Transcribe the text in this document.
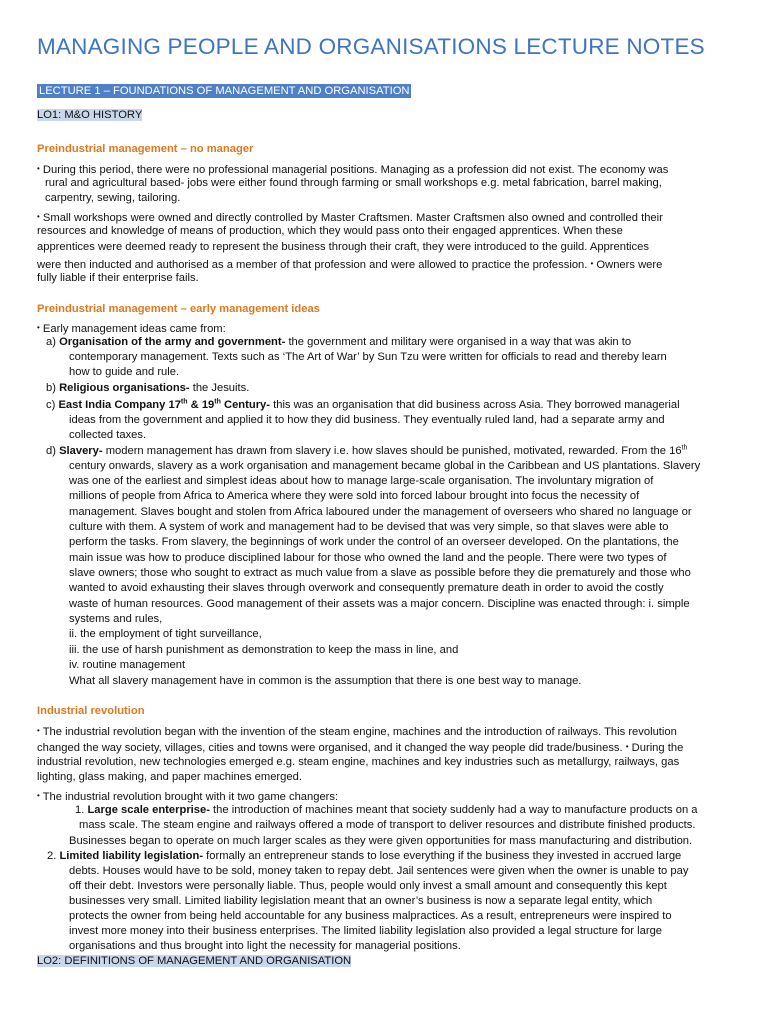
MANAGING PEOPLE AND ORGANISATIONS LECTURE NOTES
LECTURE 1 – FOUNDATIONS OF MANAGEMENT AND ORGANISATION
LO1: M&O HISTORY
Preindustrial management – no manager
• During this period, there were no professional managerial positions. Managing as a profession did not exist. The economy was
rural and agricultural based- jobs were either found through farming or small workshops e.g. metal fabrication, barrel making,
carpentry, sewing, tailoring.
• Small workshops were owned and directly controlled by Master Craftsmen. Master Craftsmen also owned and controlled their
resources and knowledge of means of production, which they would pass onto their engaged apprentices. When these
apprentices were deemed ready to represent the business through their craft, they were introduced to the guild. Apprentices
were then inducted and authorised as a member of that profession and were allowed to practice the profession. • Owners were
fully liable if their enterprise fails.
Preindustrial management – early management ideas
• Early management ideas came from:
a) Organisation of the army and government- the government and military were organised in a way that was akin to
contemporary management. Texts such as ‘The Art of War’ by Sun Tzu were written for officials to read and thereby learn
how to guide and rule.
b) Religious organisations- the Jesuits.
c) East India Company 17th & 19th Century- this was an organisation that did business across Asia. They borrowed managerial
ideas from the government and applied it to how they did business. They eventually ruled land, had a separate army and
collected taxes.
d) Slavery- modern management has drawn from slavery i.e. how slaves should be punished, motivated, rewarded. From the 16th
century onwards, slavery as a work organisation and management became global in the Caribbean and US plantations. Slavery
was one of the earliest and simplest ideas about how to manage large-scale organisation. The involuntary migration of
millions of people from Africa to America where they were sold into forced labour brought into focus the necessity of
management. Slaves bought and stolen from Africa laboured under the management of overseers who shared no language or
culture with them. A system of work and management had to be devised that was very simple, so that slaves were able to
perform the tasks. From slavery, the beginnings of work under the control of an overseer developed. On the plantations, the
main issue was how to produce disciplined labour for those who owned the land and the people. There were two types of
slave owners; those who sought to extract as much value from a slave as possible before they die prematurely and those who
wanted to avoid exhausting their slaves through overwork and consequently premature death in order to avoid the costly
waste of human resources. Good management of their assets was a major concern. Discipline was enacted through: i. simple
systems and rules,
ii. the employment of tight surveillance,
iii. the use of harsh punishment as demonstration to keep the mass in line, and
iv. routine management
What all slavery management have in common is the assumption that there is one best way to manage.
Industrial revolution
• The industrial revolution began with the invention of the steam engine, machines and the introduction of railways. This revolution
changed the way society, villages, cities and towns were organised, and it changed the way people did trade/business. • During the
industrial revolution, new technologies emerged e.g. steam engine, machines and key industries such as metallurgy, railways, gas
lighting, glass making, and paper machines emerged.
• The industrial revolution brought with it two game changers:
1. Large scale enterprise- the introduction of machines meant that society suddenly had a way to manufacture products on a
mass scale. The steam engine and railways offered a mode of transport to deliver resources and distribute finished products.
Businesses began to operate on much larger scales as they were given opportunities for mass manufacturing and distribution.
2. Limited liability legislation- formally an entrepreneur stands to lose everything if the business they invested in accrued large
debts. Houses would have to be sold, money taken to repay debt. Jail sentences were given when the owner is unable to pay
off their debt. Investors were personally liable. Thus, people would only invest a small amount and consequently this kept
businesses very small. Limited liability legislation meant that an owner’s business is now a separate legal entity, which
protects the owner from being held accountable for any business malpractices. As a result, entrepreneurs were inspired to
invest more money into their business enterprises. The limited liability legislation also provided a legal structure for large
organisations and thus brought into light the necessity for managerial positions.
LO2: DEFINITIONS OF MANAGEMENT AND ORGANISATION
